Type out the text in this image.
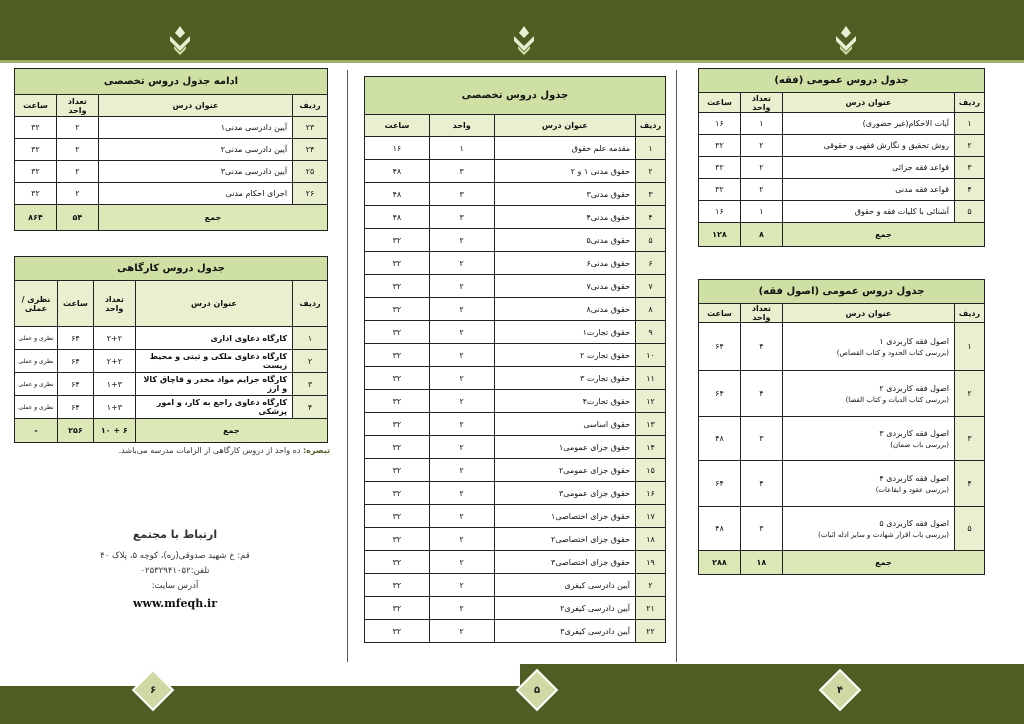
۶	۵	۴
جدول دروس عمومی (فقه)			
ردیف	عنوان درس	تعداد واحد	ساعت
۱	آیات الاحکام(غیر حضوری)	۱	۱۶
۲	روش تحقیق و نگارش فقهی و حقوقی	۲	۳۲
۳	قواعد فقه جزائی	۲	۳۲
۴	قواعد فقه مدنی	۲	۳۲
۵	آشنائی با کلیات فقه و حقوق	۱	۱۶
جمع		۸	۱۲۸
جدول دروس عمومی (اصول فقه)			
ردیف	عنوان درس	تعداد واحد	ساعت
۱	اصول فقه کاربردی ۱
(بررسی کتاب الحدود و کتاب القصاص)	۴	۶۴
۲	اصول فقه کاربردی ۲
(بررسی کتاب الدیات و کتاب القضا)	۴	۶۴
۳	اصول فقه کاربردی ۳
(بررسی باب ضمان)	۳	۴۸
۴	اصول فقه کاربردی ۴
(بررسی عقود و ایقاعات)	۴	۶۴
۵	اصول فقه کاربردی ۵
(بررسی باب اقرار شهادت و سایر ادله اثبات)	۳	۴۸
جمع		۱۸	۲۸۸
جدول دروس تخصصی			
ردیف	عنوان درس	واحد	ساعت
۱	مقدمه علم حقوق	۱	۱۶
۲	حقوق مدنی ۱ و ۲	۳	۴۸
۳	حقوق مدنی۳	۳	۴۸
۴	حقوق مدنی۴	۳	۴۸
۵	حقوق مدنی۵	۲	۳۲
۶	حقوق مدنی۶	۲	۳۲
۷	حقوق مدنی۷	۲	۳۲
۸	حقوق مدنی۸	۲	۳۲
۹	حقوق تجارت۱	۲	۳۲
۱۰	حقوق تجارت ۲	۲	۳۲
۱۱	حقوق تجارت ۳	۲	۳۲
۱۲	حقوق تجارت۴	۲	۳۲
۱۳	حقوق اساسی	۲	۳۲
۱۴	حقوق جزای عمومی۱	۲	۳۲
۱۵	حقوق جزای عمومی۲	۲	۳۲
۱۶	حقوق جزای عمومی۳	۲	۳۲
۱۷	حقوق جزای اختصاصی۱	۲	۳۲
۱۸	حقوق جزای اختصاصی۲	۲	۳۲
۱۹	حقوق جزای اختصاصی۳	۲	۳۲
۲	آیین دادرسی کیفری	۲	۳۲
۲۱	آیین دادرسی کیفری۲	۲	۳۲
۲۲	آیین دادرسی کیفری۳	۲	۳۲
ادامه جدول دروس تخصصی			
ردیف	عنوان درس	تعداد واحد	ساعت
۲۳	آیین دادرسی مدنی۱	۲	۳۲
۲۴	آیین دادرسی مدنی۲	۲	۳۲
۲۵	آیین دادرسی مدنی۳	۲	۳۲
۲۶	اجرای احکام مدنی	۲	۳۲
جمع		۵۴	۸۶۴
جدول دروس کارگاهی				
ردیف	عنوان درس	تعداد واحد	ساعت	نظری / عملی
۱	کارگاه دعاوی اداری	۲+۲	۶۴	نظری و عملی
۲	کارگاه دعاوی ملکی و ثبتی و محیط زیست	۲+۲	۶۴	نظری و عملی
۳	کارگاه جرایم مواد مخدر و قاچاق کالا و ارز	۱+۳	۶۴	نظری و عملی
۴	کارگاه دعاوی راجع به کار، و امور پزشکی	۱+۳	۶۴	نظری و عملی
جمع		۶ + ۱۰	۲۵۶	-
تبصره: ده واحد از دروس کارگاهی از الزامات مدرسه می‌باشد.
ارتباط با مجتمع
قم: خ شهید صدوقی(ره)، کوچه ۵، پلاک ۴۰
تلفن:۰۲۵۳۲۹۴۱۰۵۲
آدرس سایت:
www.mfeqh.ir
